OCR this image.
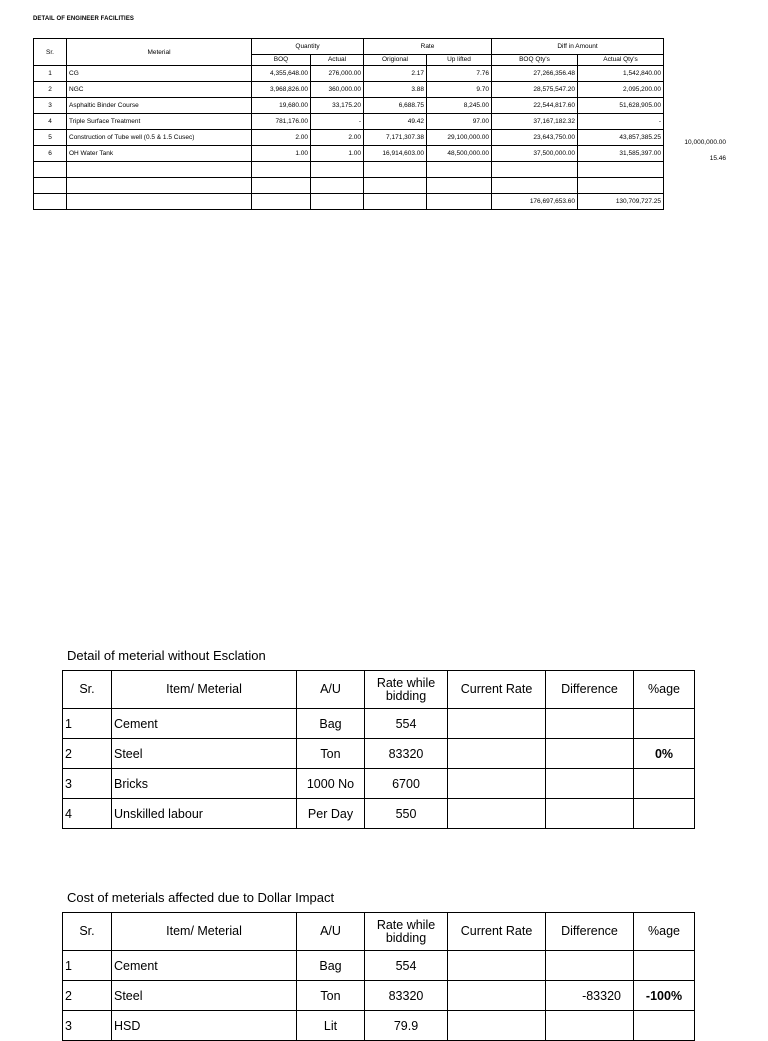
DETAIL OF ENGINEER FACILITIES
Sr.	Meterial	Quantity		Rate		Diff in Amount	
		BOQ	Actual	Origional	Up lifted	BOQ Qty's	Actual Qty's
1	CG	4,355,648.00	276,000.00	2.17	7.76	27,266,356.48	1,542,840.00
2	NGC	3,968,826.00	360,000.00	3.88	9.70	28,575,547.20	2,095,200.00
3	Asphaltic Binder Course	19,680.00	33,175.20	6,688.75	8,245.00	22,544,817.60	51,628,905.00
4	Triple Surface Treatment	781,176.00	-	49.42	97.00	37,167,182.32	-
5	Construction of Tube well (0.5 & 1.5 Cusec)	2.00	2.00	7,171,307.38	29,100,000.00	23,643,750.00	43,857,385.25
6	OH Water Tank	1.00	1.00	16,914,603.00	48,500,000.00	37,500,000.00	31,585,397.00

						176,697,653.60	130,709,727.25
10,000,000.00
15.46
Detail of meterial without Esclation
Sr.	Item/ Meterial	A/U	Rate while bidding	Current Rate	Difference	%age
1	Cement	Bag	554			
2	Steel	Ton	83320			0%
3	Bricks	1000 No	6700			
4	Unskilled labour	Per Day	550			
Cost of meterials affected due to Dollar Impact
Sr.	Item/ Meterial	A/U	Rate while bidding	Current Rate	Difference	%age
1	Cement	Bag	554			
2	Steel	Ton	83320		-83320	-100%
3	HSD	Lit	79.9			
